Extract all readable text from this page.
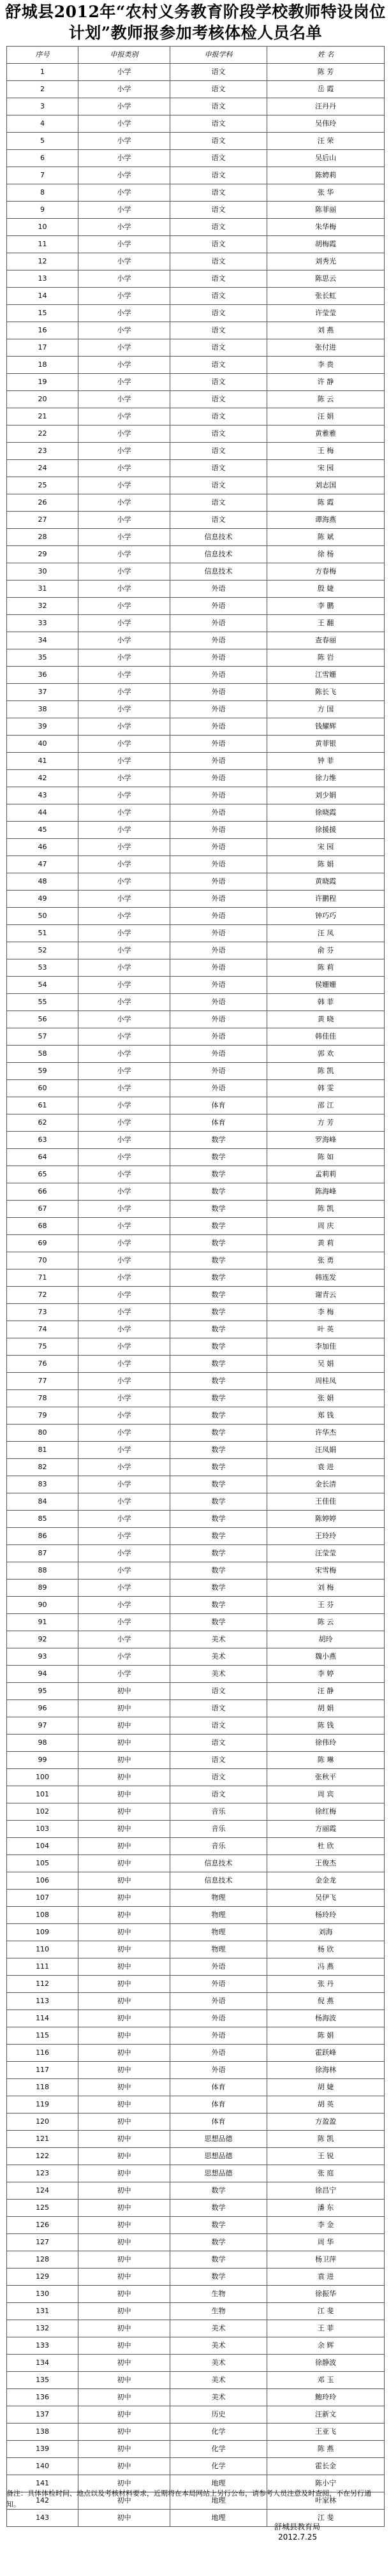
舒城县2012年“农村义务教育阶段学校教师特设岗位计划”教师报参加考核体检人员名单
序号	申报类别	申报学科	姓 名
1	小学	语文	陈 芳
2	小学	语文	岳 霞
3	小学	语文	汪丹丹
4	小学	语文	吴伟玲
5	小学	语文	汪 荣
6	小学	语文	吴后山
7	小学	语文	陈娉莉
8	小学	语文	张 华
9	小学	语文	陈菲丽
10	小学	语文	朱华梅
11	小学	语文	胡梅霞
12	小学	语文	刘秀光
13	小学	语文	陈思云
14	小学	语文	张长虹
15	小学	语文	许莹莹
16	小学	语文	刘 燕
17	小学	语文	张付进
18	小学	语文	李 贵
19	小学	语文	许 静
20	小学	语文	陈 云
21	小学	语文	汪 娟
22	小学	语文	黄雅雅
23	小学	语文	王 梅
24	小学	语文	宋 园
25	小学	语文	刘志国
26	小学	语文	陈 霞
27	小学	语文	谭海燕
28	小学	信息技术	陈 斌
29	小学	信息技术	徐 杨
30	小学	信息技术	方春梅
31	小学	外语	殷 婕
32	小学	外语	李 鹏
33	小学	外语	王 翻
34	小学	外语	查春丽
35	小学	外语	陈 岩
36	小学	外语	江雪姗
37	小学	外语	陈长飞
38	小学	外语	方 国
39	小学	外语	钱耀辉
40	小学	外语	黄菲银
41	小学	外语	钟 菲
42	小学	外语	徐力维
43	小学	外语	刘少娟
44	小学	外语	徐晓霞
45	小学	外语	徐援援
46	小学	外语	宋 园
47	小学	外语	陈 娟
48	小学	外语	黄晓霞
49	小学	外语	许鹏程
50	小学	外语	钟巧巧
51	小学	外语	汪 凤
52	小学	外语	俞 芬
53	小学	外语	陈 莉
54	小学	外语	侯姗姗
55	小学	外语	韩 菲
56	小学	外语	黄 晓
57	小学	外语	韩佳佳
58	小学	外语	郭 欢
59	小学	外语	陈 凯
60	小学	外语	韩 雯
61	小学	体育	邵 江
62	小学	体育	方 芳
63	小学	数学	罗海峰
64	小学	数学	陈 如
65	小学	数学	孟莉莉
66	小学	数学	陈海峰
67	小学	数学	陈 凯
68	小学	数学	周 庆
69	小学	数学	黄 莉
70	小学	数学	张 勇
71	小学	数学	韩连发
72	小学	数学	谢青云
73	小学	数学	李 梅
74	小学	数学	叶 英
75	小学	数学	李加佳
76	小学	数学	吴 娟
77	小学	数学	周桂凤
78	小学	数学	张 娟
79	小学	数学	郑 钱
80	小学	数学	许华杰
81	小学	数学	汪凤娟
82	小学	数学	袁 进
83	小学	数学	金长清
84	小学	数学	王佳佳
85	小学	数学	陈婷婷
86	小学	数学	王玲玲
87	小学	数学	汪莹莹
88	小学	数学	宋雪梅
89	小学	数学	刘 梅
90	小学	数学	王 芬
91	小学	数学	陈 云
92	小学	美术	胡玲
93	小学	美术	魏小燕
94	小学	美术	李 婷
95	初中	语文	汪 静
96	初中	语文	胡 娟
97	初中	语文	陈 钱
98	初中	语文	徐伟玲
99	初中	语文	陈 琳
100	初中	语文	张秋平
101	初中	语文	周 宾
102	初中	音乐	徐红梅
103	初中	音乐	方丽霞
104	初中	音乐	杜 欣
105	初中	信息技术	王俊杰
106	初中	信息技术	金金龙
107	初中	物理	吴伊飞
108	初中	物理	杨玲玲
109	初中	物理	刘海
110	初中	物理	杨 欣
111	初中	外语	冯 燕
112	初中	外语	张 丹
113	初中	外语	倪 燕
114	初中	外语	杨海波
115	初中	外语	陈 娟
116	初中	外语	霍跃峰
117	初中	外语	徐海林
118	初中	体育	胡 婕
119	初中	体育	胡 英
120	初中	体育	方盈盈
121	初中	思想品德	陈 凯
122	初中	思想品德	王 锐
123	初中	思想品德	张 庭
124	初中	数学	徐昌宁
125	初中	数学	潘 东
126	初中	数学	李 金
127	初中	数学	周 华
128	初中	数学	杨卫萍
129	初中	数学	袁 进
130	初中	生物	徐振华
131	初中	生物	江 斐
132	初中	美术	王 菲
133	初中	美术	余 辉
134	初中	美术	徐静波
135	初中	美术	邓 玉
136	初中	美术	鲍玲玲
137	初中	历史	汪新文
138	初中	化学	王亚飞
139	初中	化学	陈 燕
140	初中	化学	霍长金
141	初中	地理	陈小宁
142	初中	地理	叶家林
143	初中	地理	江 斐
备注：具体体检时间、地点以及考核材料要求，近期将在本局网站上另行公布，请参考人员注意及时查阅，不在另行通知。
舒城县教育局
2012.7.25
